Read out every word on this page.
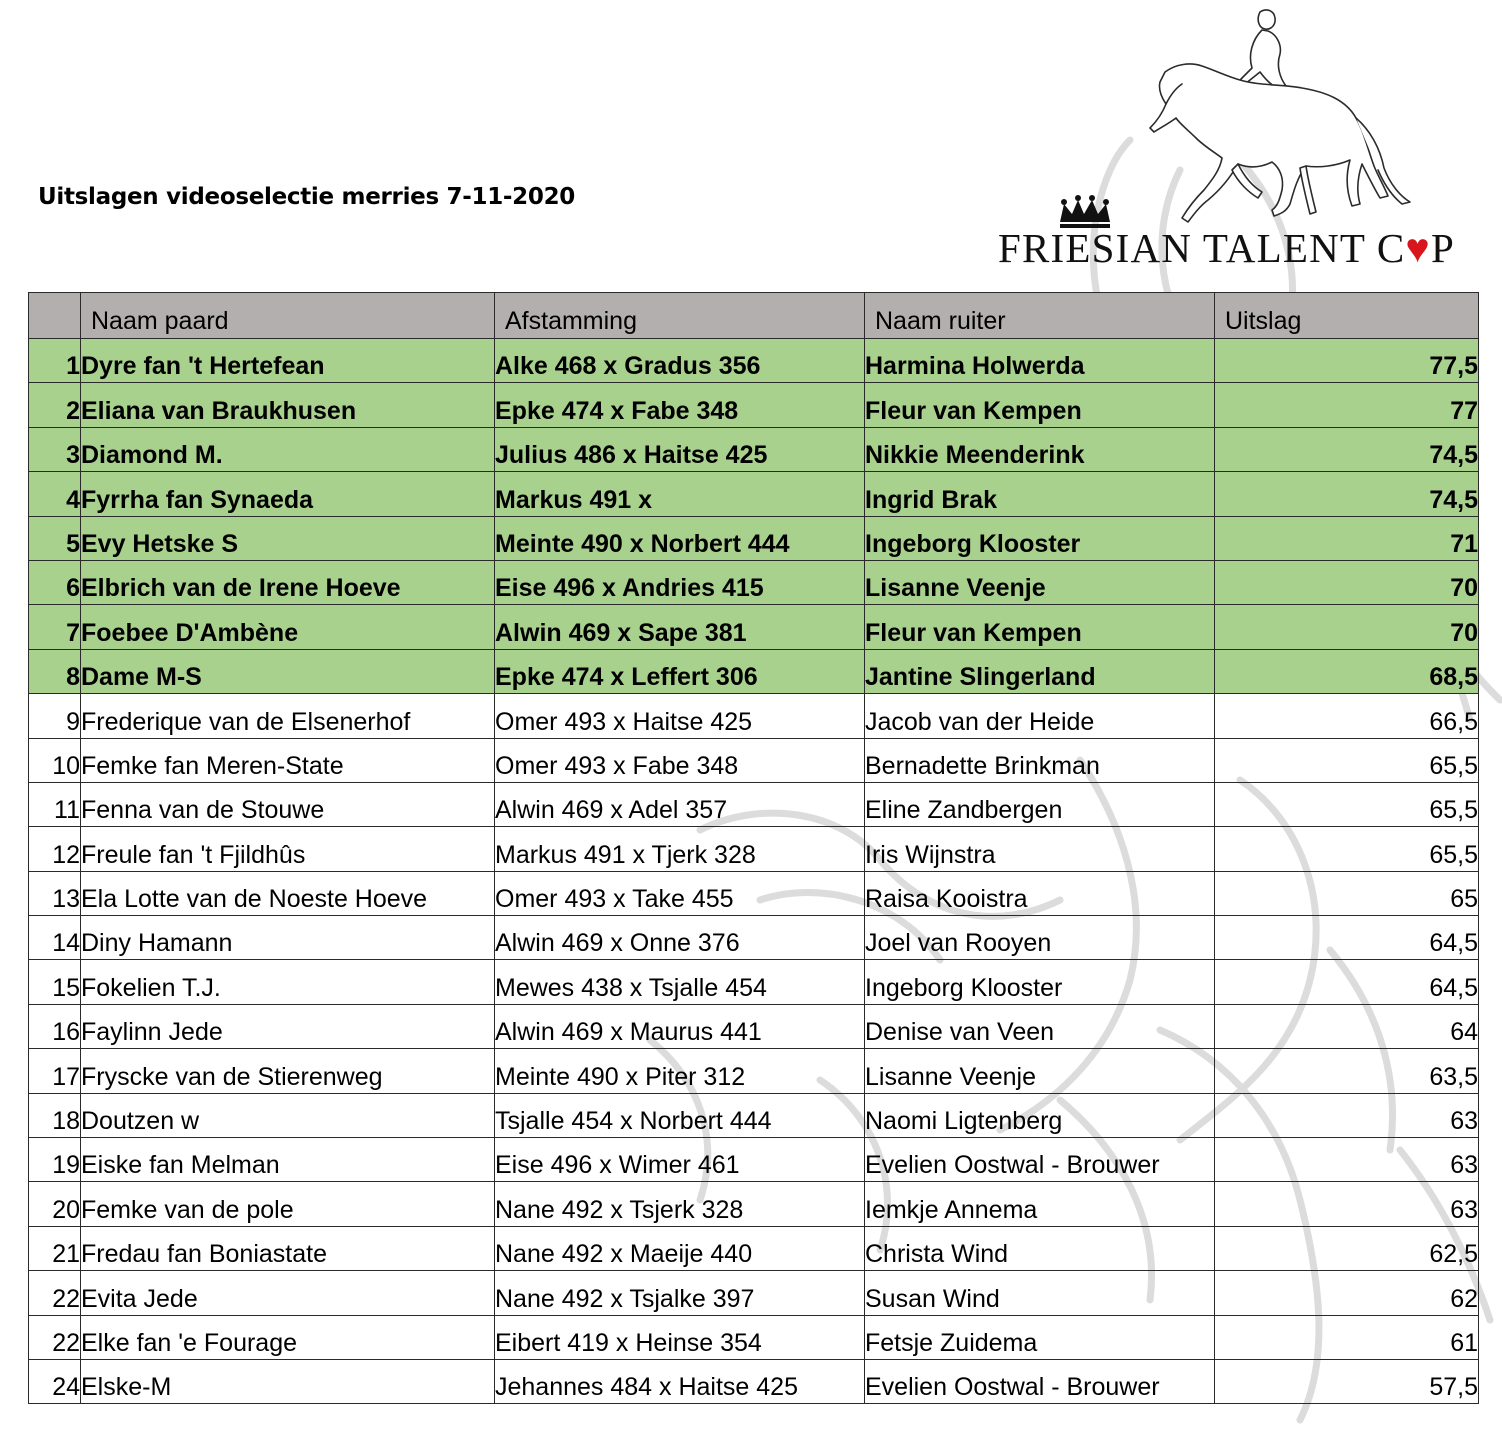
Uitslagen videoselectie merries 7-11-2020
FRIESIAN TALENT C♥P
	Naam paard	Afstamming	Naam ruiter	Uitslag
1	Dyre fan 't Hertefean	Alke 468 x Gradus 356	Harmina Holwerda	77,5
2	Eliana van Braukhusen	Epke 474 x Fabe 348	Fleur van Kempen	77
3	Diamond M.	Julius 486 x Haitse 425	Nikkie Meenderink	74,5
4	Fyrrha fan Synaeda	Markus 491 x	Ingrid Brak	74,5
5	Evy Hetske S	Meinte 490 x Norbert 444	Ingeborg Klooster	71
6	Elbrich van de Irene Hoeve	Eise 496 x Andries 415	Lisanne Veenje	70
7	Foebee D'Ambène	Alwin 469 x Sape 381	Fleur van Kempen	70
8	Dame M-S	Epke 474 x Leffert 306	Jantine Slingerland	68,5
9	Frederique van de Elsenerhof	Omer 493 x Haitse 425	Jacob van der Heide	66,5
10	Femke fan Meren-State	Omer 493 x Fabe 348	Bernadette Brinkman	65,5
11	Fenna van de Stouwe	Alwin 469 x Adel 357	Eline Zandbergen	65,5
12	Freule fan 't Fjildhûs	Markus 491 x Tjerk 328	Iris Wijnstra	65,5
13	Ela Lotte van de Noeste Hoeve	Omer 493 x Take 455	Raisa Kooistra	65
14	Diny Hamann	Alwin 469 x Onne 376	Joel van Rooyen	64,5
15	Fokelien T.J.	Mewes 438 x Tsjalle 454	Ingeborg Klooster	64,5
16	Faylinn Jede	Alwin 469 x Maurus 441	Denise van Veen	64
17	Fryscke van de Stierenweg	Meinte 490 x Piter 312	Lisanne Veenje	63,5
18	Doutzen w	Tsjalle 454 x Norbert 444	Naomi Ligtenberg	63
19	Eiske fan Melman	Eise 496 x Wimer 461	Evelien Oostwal - Brouwer	63
20	Femke van de pole	Nane 492 x Tsjerk 328	Iemkje Annema	63
21	Fredau fan Boniastate	Nane 492 x Maeije 440	Christa Wind	62,5
22	Evita Jede	Nane 492 x Tsjalke 397	Susan Wind	62
22	Elke fan 'e Fourage	Eibert 419 x Heinse 354	Fetsje Zuidema	61
24	Elske-M	Jehannes 484 x Haitse 425	Evelien Oostwal - Brouwer	57,5
